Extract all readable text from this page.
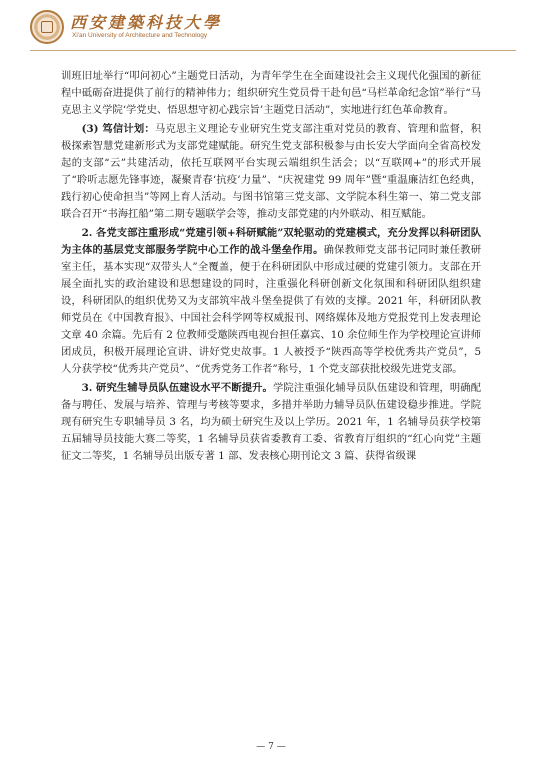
西安建築科技大學
Xi'an University of Architecture and Technology

训班旧址举行“叩问初心”主题党日活动，为青年学生在全面建设社会主义现代化强国的新征程中砥砺奋进提供了前行的精神伟力；组织研究生党员骨干赴旬邑“马栏革命纪念馆”举行“马克思主义学院‘学党史、悟思想守初心践宗旨’主题党日活动”，实地进行红色革命教育。

(3) 笃信计划：马克思主义理论专业研究生党支部注重对党员的教育、管理和监督，积极探索智慧党建新形式为支部党建赋能。研究生党支部积极参与由长安大学面向全省高校发起的支部“云”共建活动，依托互联网平台实现云端组织生活会；以“互联网+”的形式开展了“聆听志愿先锋事迹，凝聚青春‘抗疫’力量”、“庆祝建党 99 周年”暨“重温廉洁红色经典，践行初心使命担当”等网上育人活动。与图书馆第三党支部、文学院本科生第一、第二党支部联合召开“书海扛船”第二期专题联学会等，推动支部党建的内外联动、相互赋能。

2. 各党支部注重形成“党建引领+科研赋能”双轮驱动的党建模式，充分发挥以科研团队为主体的基层党支部服务学院中心工作的战斗堡垒作用。确保教师党支部书记同时兼任教研室主任，基本实现“双带头人”全覆盖，便于在科研团队中形成过硬的党建引领力。支部在开展全面扎实的政治建设和思想建设的同时，注重强化科研创新文化氛围和科研团队组织建设，科研团队的组织优势又为支部筑牢战斗堡垒提供了有效的支撑。2021 年，科研团队教师党员在《中国教育报》、中国社会科学网等权威报刊、网络媒体及地方党报党刊上发表理论文章 40 余篇。先后有 2 位教师受邀陕西电视台担任嘉宾、10 余位师生作为学校理论宣讲师团成员，积极开展理论宣讲、讲好党史故事。1 人被授予“陕西高等学校优秀共产党员”，5 人分获学校“优秀共产党员”、“优秀党务工作者”称号，1 个党支部获批校级先进党支部。

3. 研究生辅导员队伍建设水平不断提升。学院注重强化辅导员队伍建设和管理，明确配备与聘任、发展与培养、管理与考核等要求，多措并举助力辅导员队伍建设稳步推进。学院现有研究生专职辅导员 3 名，均为硕士研究生及以上学历。2021 年，1 名辅导员获学校第五届辅导员技能大赛二等奖，1 名辅导员获省委教育工委、省教育厅组织的“红心向党”主题征文二等奖，1 名辅导员出版专著 1 部、发表核心期刊论文 3 篇、获得省级课

— 7 —
